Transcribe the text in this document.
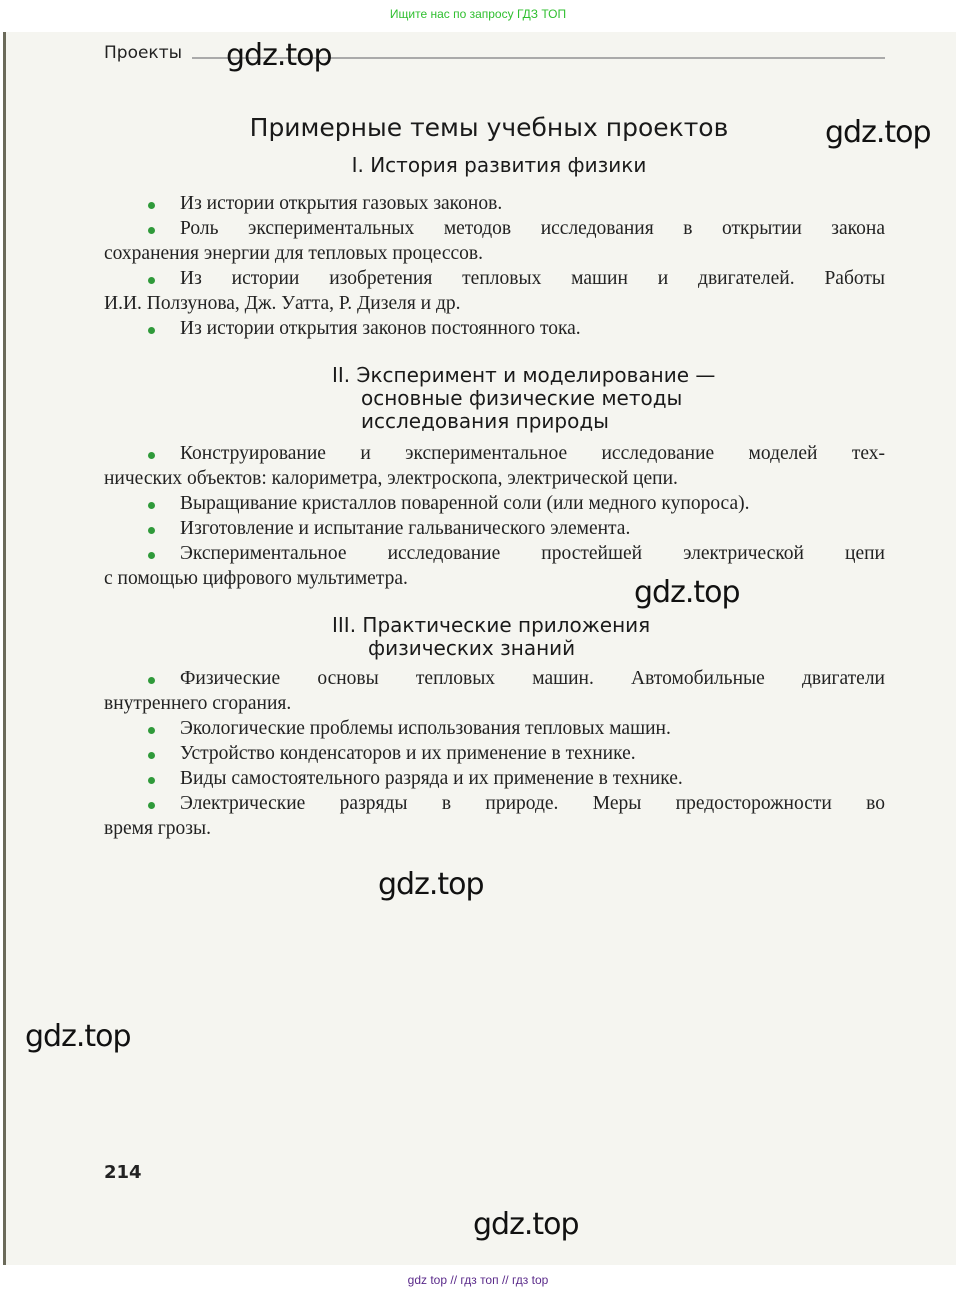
Ищите нас по запросу ГДЗ ТОП
Проекты
Примерные темы учебных проектов
I. История развития физики
Из истории открытия газовых законов.
Роль экспериментальных методов исследования в открытии закона
сохранения энергии для тепловых процессов.
Из истории изобретения тепловых машин и двигателей. Работы
И.И. Ползунова, Дж. Уатта, Р. Дизеля и др.
Из истории открытия законов постоянного тока.
II. Эксперимент и моделирование —
основные физические методы
исследования природы
Конструирование и экспериментальное исследование моделей тех-
нических объектов: калориметра, электроскопа, электрической цепи.
Выращивание кристаллов поваренной соли (или медного купороса).
Изготовление и испытание гальванического элемента.
Экспериментальное исследование простейшей электрической цепи
с помощью цифрового мультиметра.
III. Практические приложения
физических знаний
Физические основы тепловых машин. Автомобильные двигатели
внутреннего сгорания.
Экологические проблемы использования тепловых машин.
Устройство конденсаторов и их применение в технике.
Виды самостоятельного разряда и их применение в технике.
Электрические разряды в природе. Меры предосторожности во
время грозы.
214
gdz.top
gdz.top
gdz.top
gdz.top
gdz.top
gdz.top
gdz top // гдз топ // гдз top
